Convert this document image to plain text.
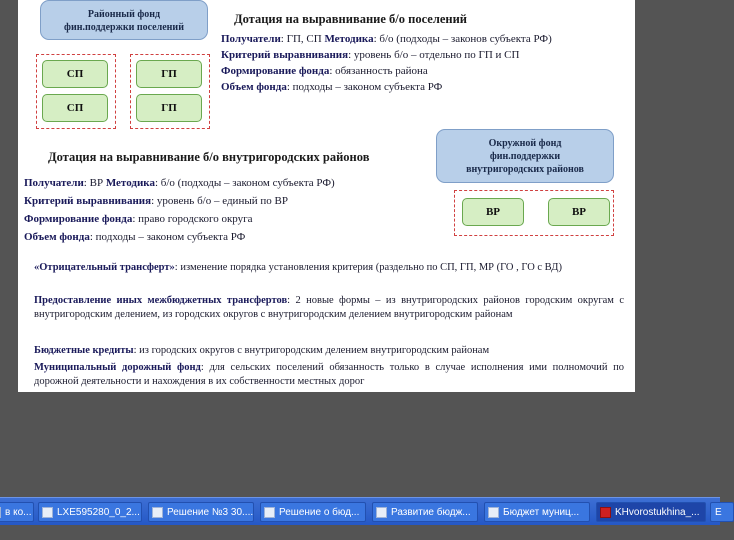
Районный фонд
фин.поддержки поселений
СП
СП
ГП
ГП
Дотация на выравнивание б/о поселений
Получатели: ГП, СП Методика: б/о (подходы – законов субъекта РФ)
Критерий выравнивания: уровень б/о – отдельно по ГП и СП
Формирование фонда: обязанность района
Объем фонда: подходы – законом субъекта РФ
Окружной фонд
фин.поддержки
внутригородских районов
ВР	ВР
Дотация на выравнивание б/о внутригородских районов
Получатели: ВР Методика: б/о (подходы – законом субъекта РФ)
Критерий выравнивания: уровень б/о – единый по ВР
Формирование фонда: право городского округа
Объем фонда: подходы – законом субъекта РФ
«Отрицательный трансферт»: изменение порядка установления критерия (раздельно по СП, ГП, МР (ГО , ГО с ВД)
Предоставление иных межбюджетных трансфертов: 2 новые формы – из внутригородских районов городским округам с внутригородским делением, из городских округов с внутригородским делением внутригородским районам
Бюджетные кредиты: из городских округов с внутригородским делением внутригородским районам
Муниципальный дорожный фонд: для сельских поселений обязанность только в случае исполнения ими полномочий по дорожной деятельности и нахождения в их собственности местных дорог
в ко...	LXE595280_0_2...	Решение №3 30....	Решение о бюд...	Развитие бюдж...	Бюджет муниц...	KHvorostukhina_...	E
